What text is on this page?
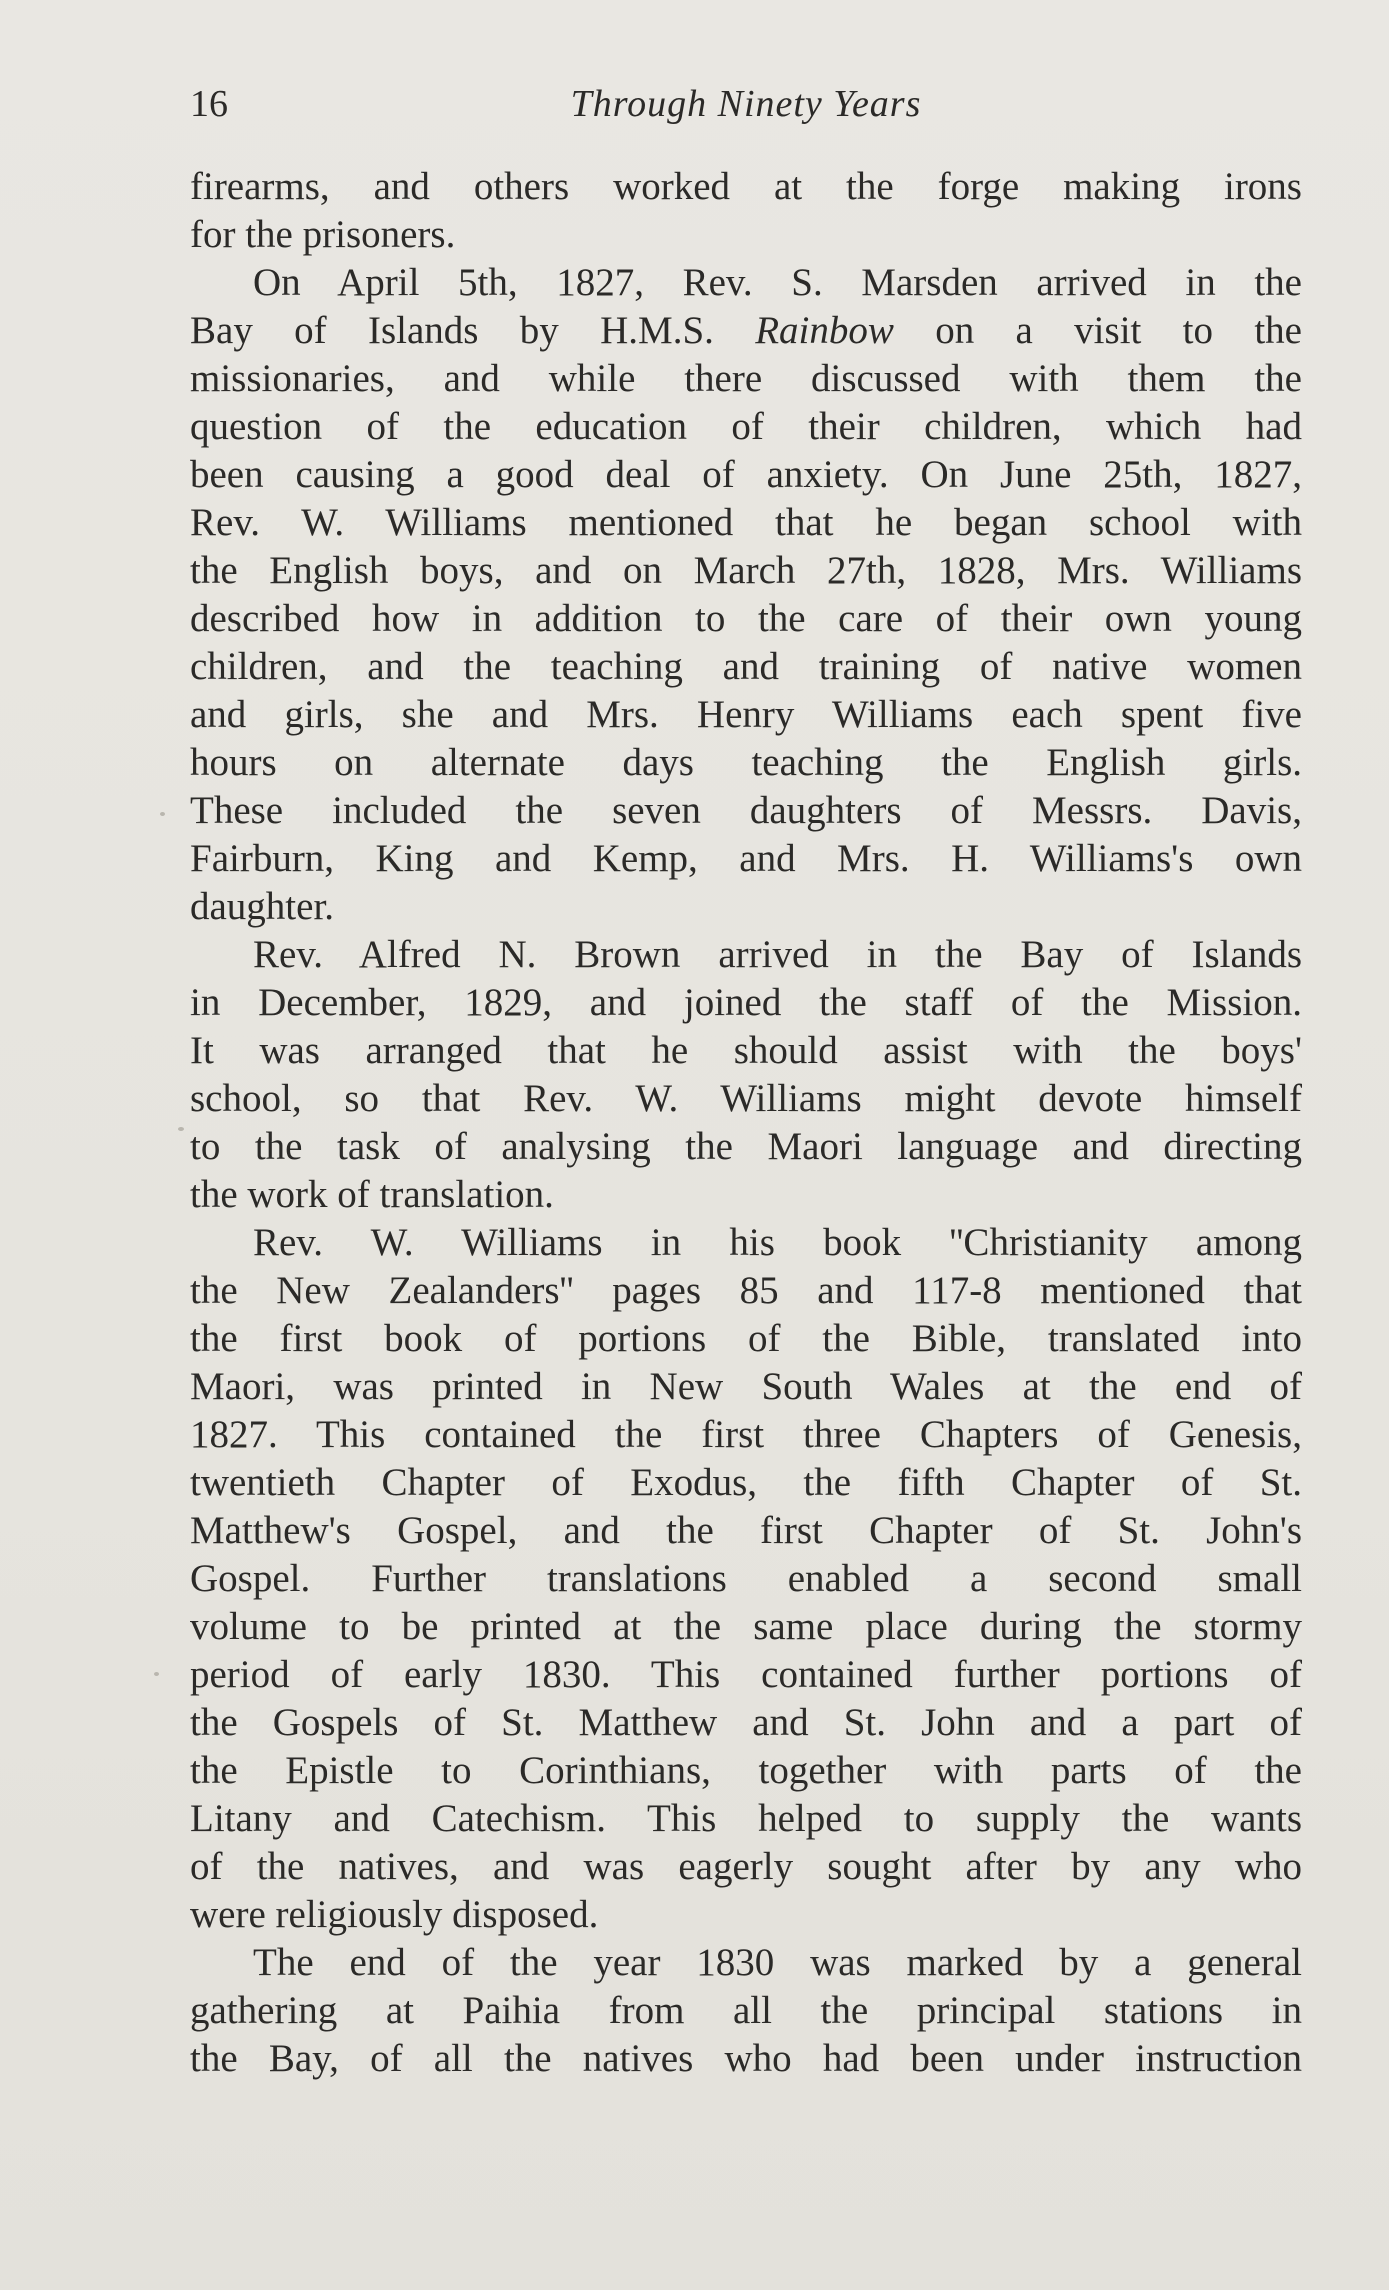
16	Through Ninety Years
firearms, and others worked at the forge making irons
for the prisoners.
On April 5th, 1827, Rev. S. Marsden arrived in the
Bay of Islands by H.M.S. Rainbow on a visit to the
missionaries, and while there discussed with them the
question of the education of their children, which had
been causing a good deal of anxiety. On June 25th, 1827,
Rev. W. Williams mentioned that he began school with
the English boys, and on March 27th, 1828, Mrs. Williams
described how in addition to the care of their own young
children, and the teaching and training of native women
and girls, she and Mrs. Henry Williams each spent five
hours on alternate days teaching the English girls.
These included the seven daughters of Messrs. Davis,
Fairburn, King and Kemp, and Mrs. H. Williams's own
daughter.
Rev. Alfred N. Brown arrived in the Bay of Islands
in December, 1829, and joined the staff of the Mission.
It was arranged that he should assist with the boys'
school, so that Rev. W. Williams might devote himself
to the task of analysing the Maori language and directing
the work of translation.
Rev. W. Williams in his book ''Christianity among
the New Zealanders'' pages 85 and 117-8 mentioned that
the first book of portions of the Bible, translated into
Maori, was printed in New South Wales at the end of
1827. This contained the first three Chapters of Genesis,
twentieth Chapter of Exodus, the fifth Chapter of St.
Matthew's Gospel, and the first Chapter of St. John's
Gospel. Further translations enabled a second small
volume to be printed at the same place during the stormy
period of early 1830. This contained further portions of
the Gospels of St. Matthew and St. John and a part of
the Epistle to Corinthians, together with parts of the
Litany and Catechism. This helped to supply the wants
of the natives, and was eagerly sought after by any who
were religiously disposed.
The end of the year 1830 was marked by a general
gathering at Paihia from all the principal stations in
the Bay, of all the natives who had been under instruction
